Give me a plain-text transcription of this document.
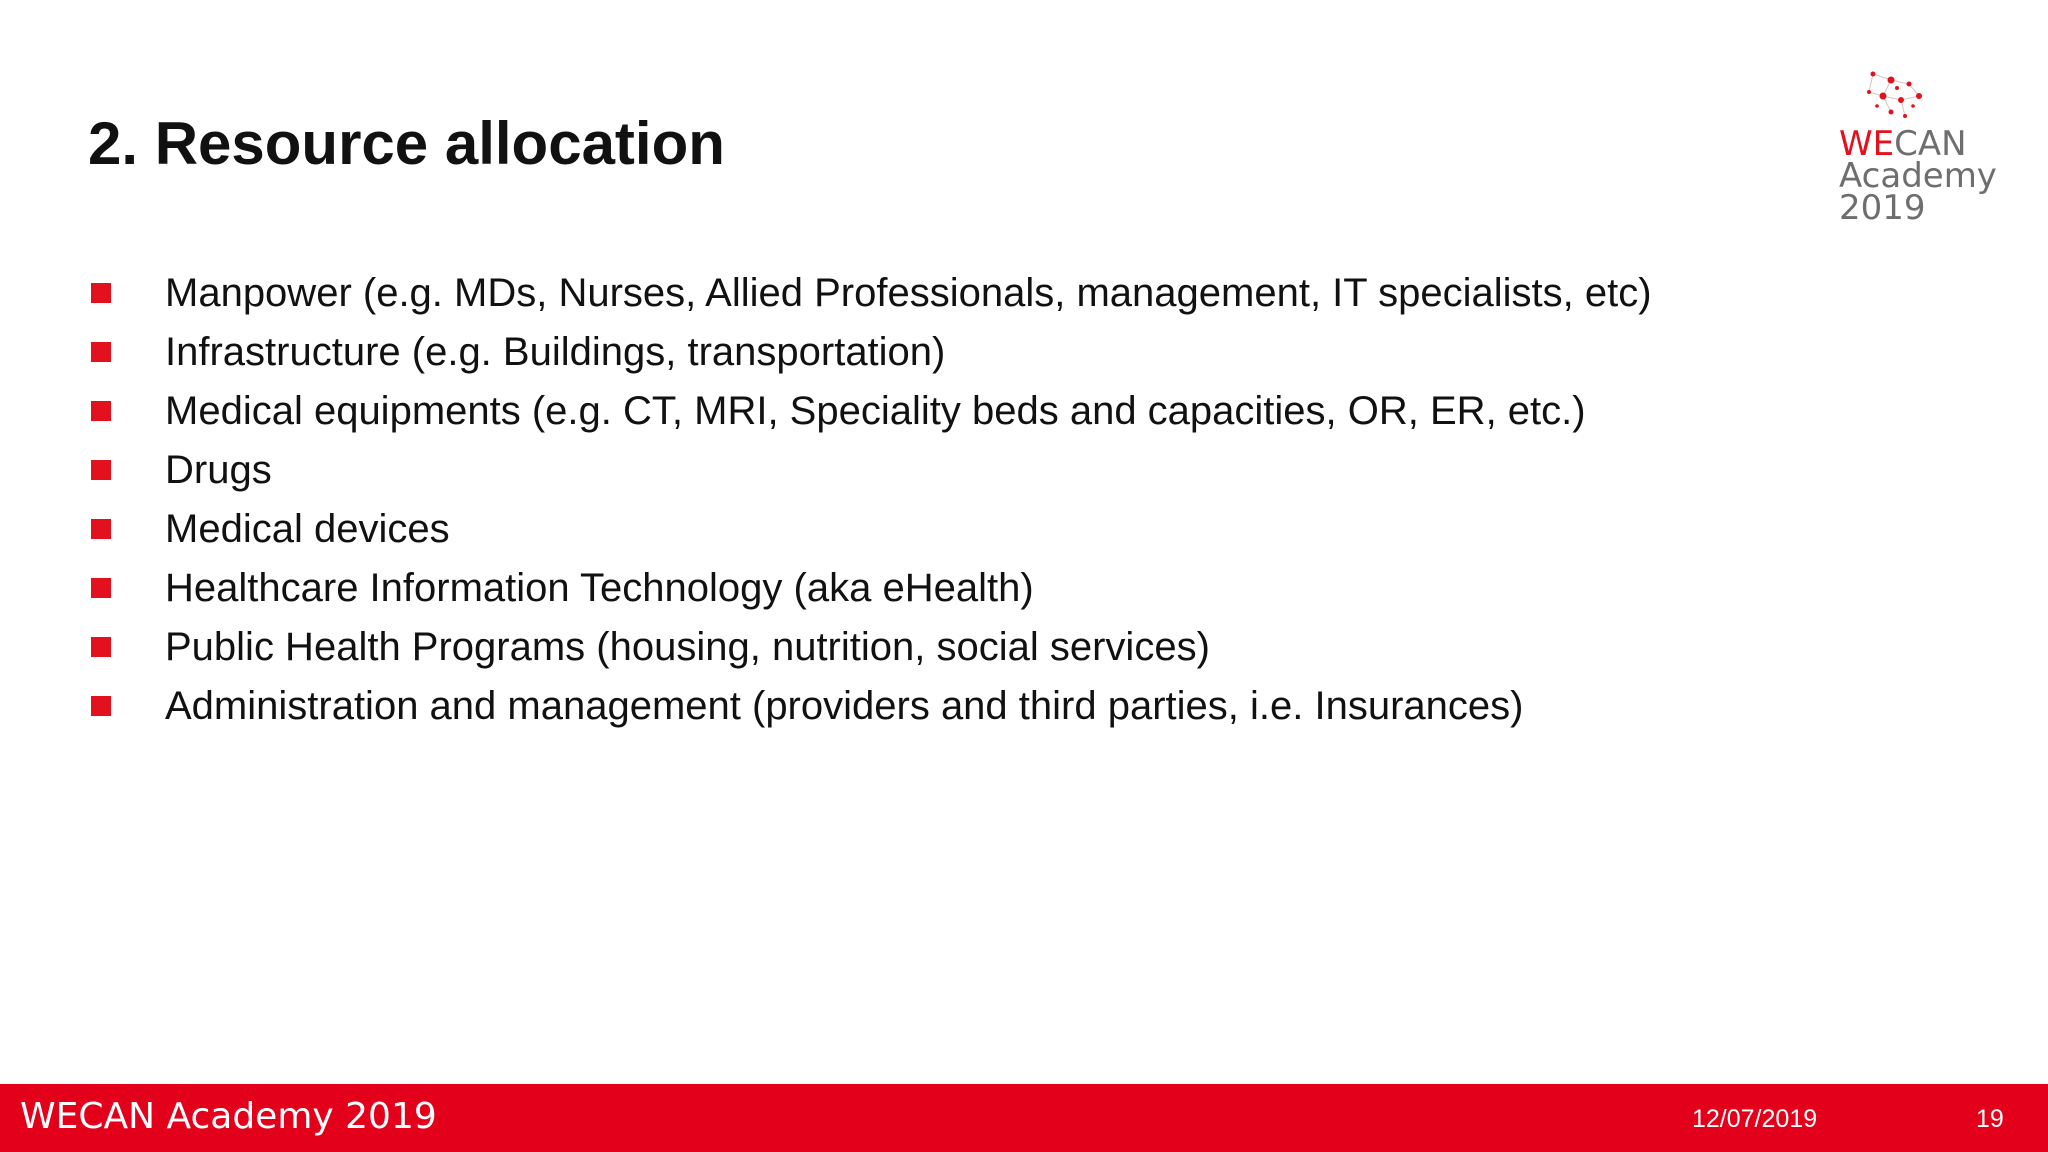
2. Resource allocation	WECAN
Academy
2019
Manpower (e.g. MDs, Nurses, Allied Professionals, management, IT specialists, etc)
Infrastructure (e.g. Buildings, transportation)
Medical equipments (e.g. CT, MRI, Speciality beds and capacities, OR, ER, etc.)
Drugs
Medical devices
Healthcare Information Technology (aka eHealth)
Public Health Programs (housing, nutrition, social services)
Administration and management (providers and third parties, i.e. Insurances)
WECAN Academy 2019	12/07/2019	19
